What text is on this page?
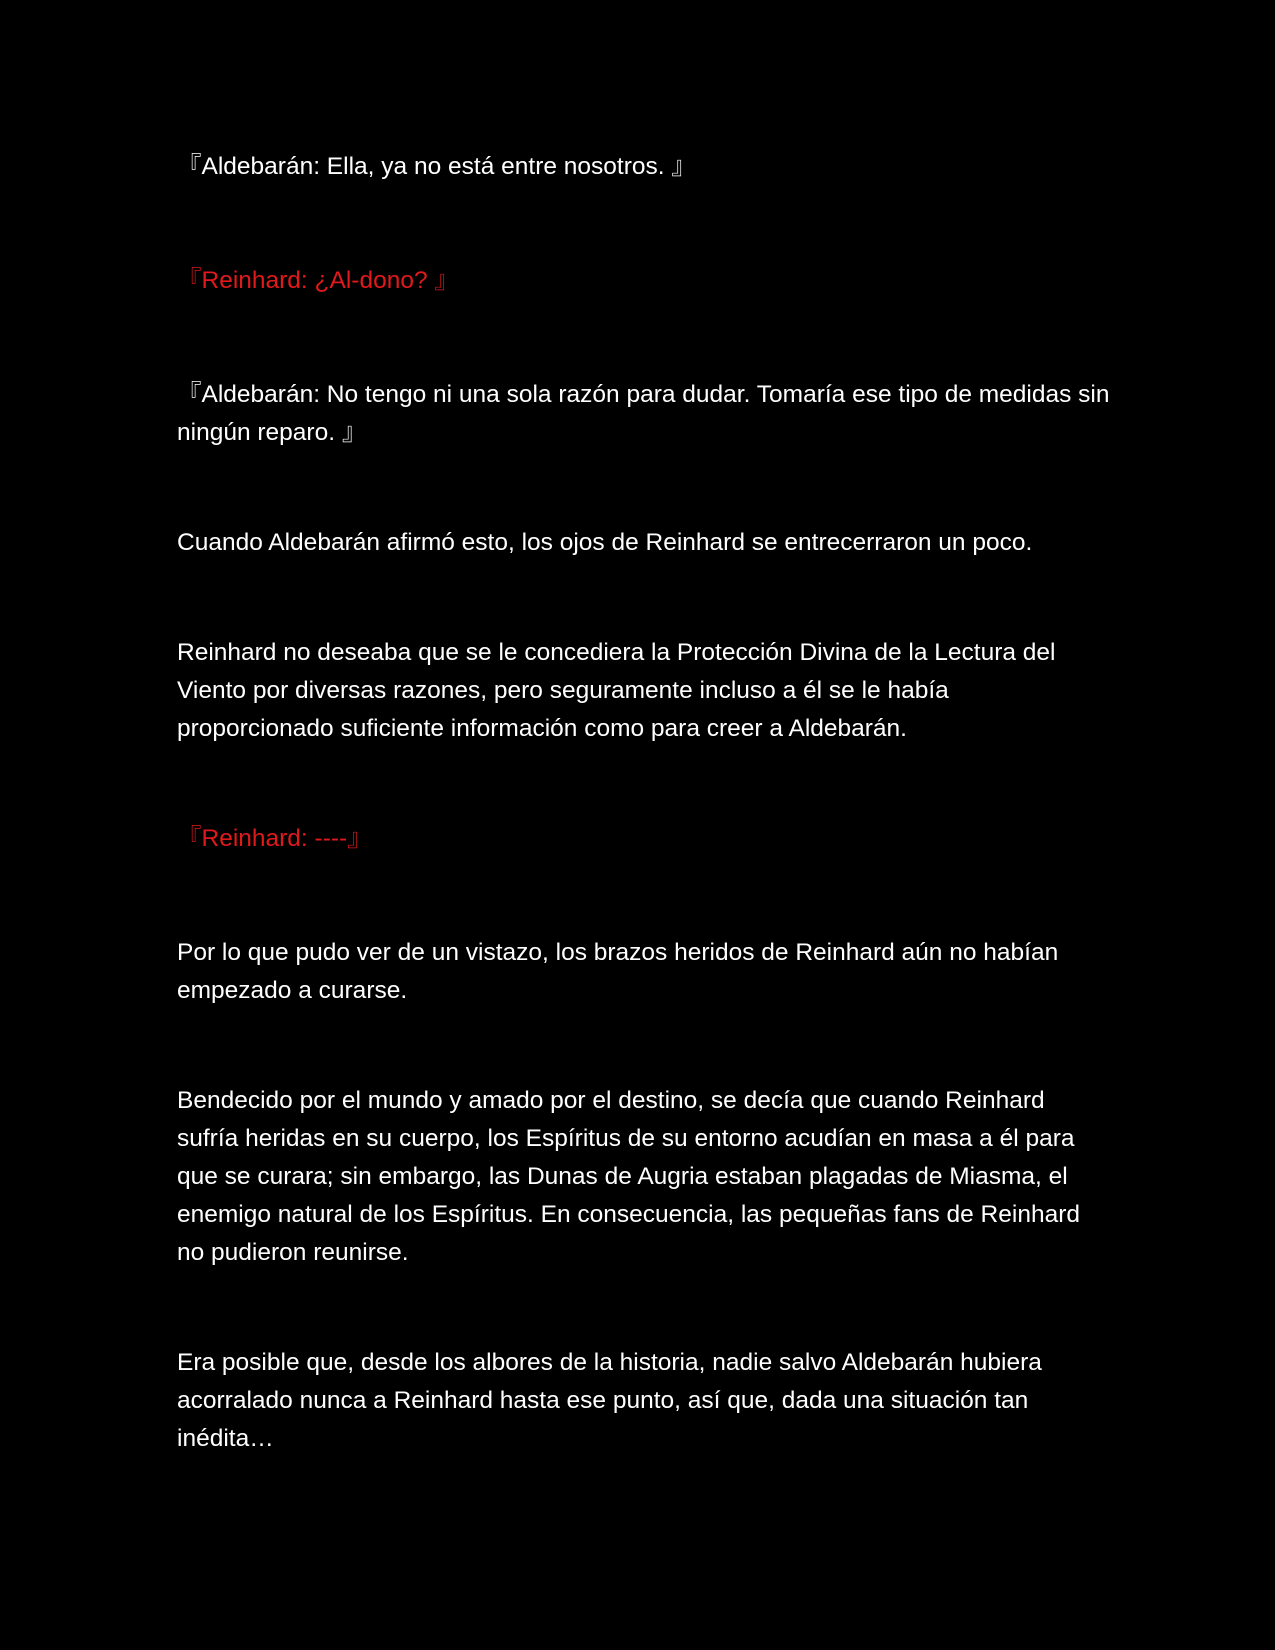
『Aldebarán: Ella, ya no está entre nosotros. 』

『Reinhard: ¿Al-dono? 』

『Aldebarán: No tengo ni una sola razón para dudar. Tomaría ese tipo de medidas sin ningún reparo. 』

Cuando Aldebarán afirmó esto, los ojos de Reinhard se entrecerraron un poco.

Reinhard no deseaba que se le concediera la Protección Divina de la Lectura del Viento por diversas razones, pero seguramente incluso a él se le había proporcionado suficiente información como para creer a Aldebarán.

『Reinhard: ----』

Por lo que pudo ver de un vistazo, los brazos heridos de Reinhard aún no habían empezado a curarse.

Bendecido por el mundo y amado por el destino, se decía que cuando Reinhard sufría heridas en su cuerpo, los Espíritus de su entorno acudían en masa a él para que se curara; sin embargo, las Dunas de Augria estaban plagadas de Miasma, el enemigo natural de los Espíritus. En consecuencia, las pequeñas fans de Reinhard no pudieron reunirse.

Era posible que, desde los albores de la historia, nadie salvo Aldebarán hubiera acorralado nunca a Reinhard hasta ese punto, así que, dada una situación tan inédita…
